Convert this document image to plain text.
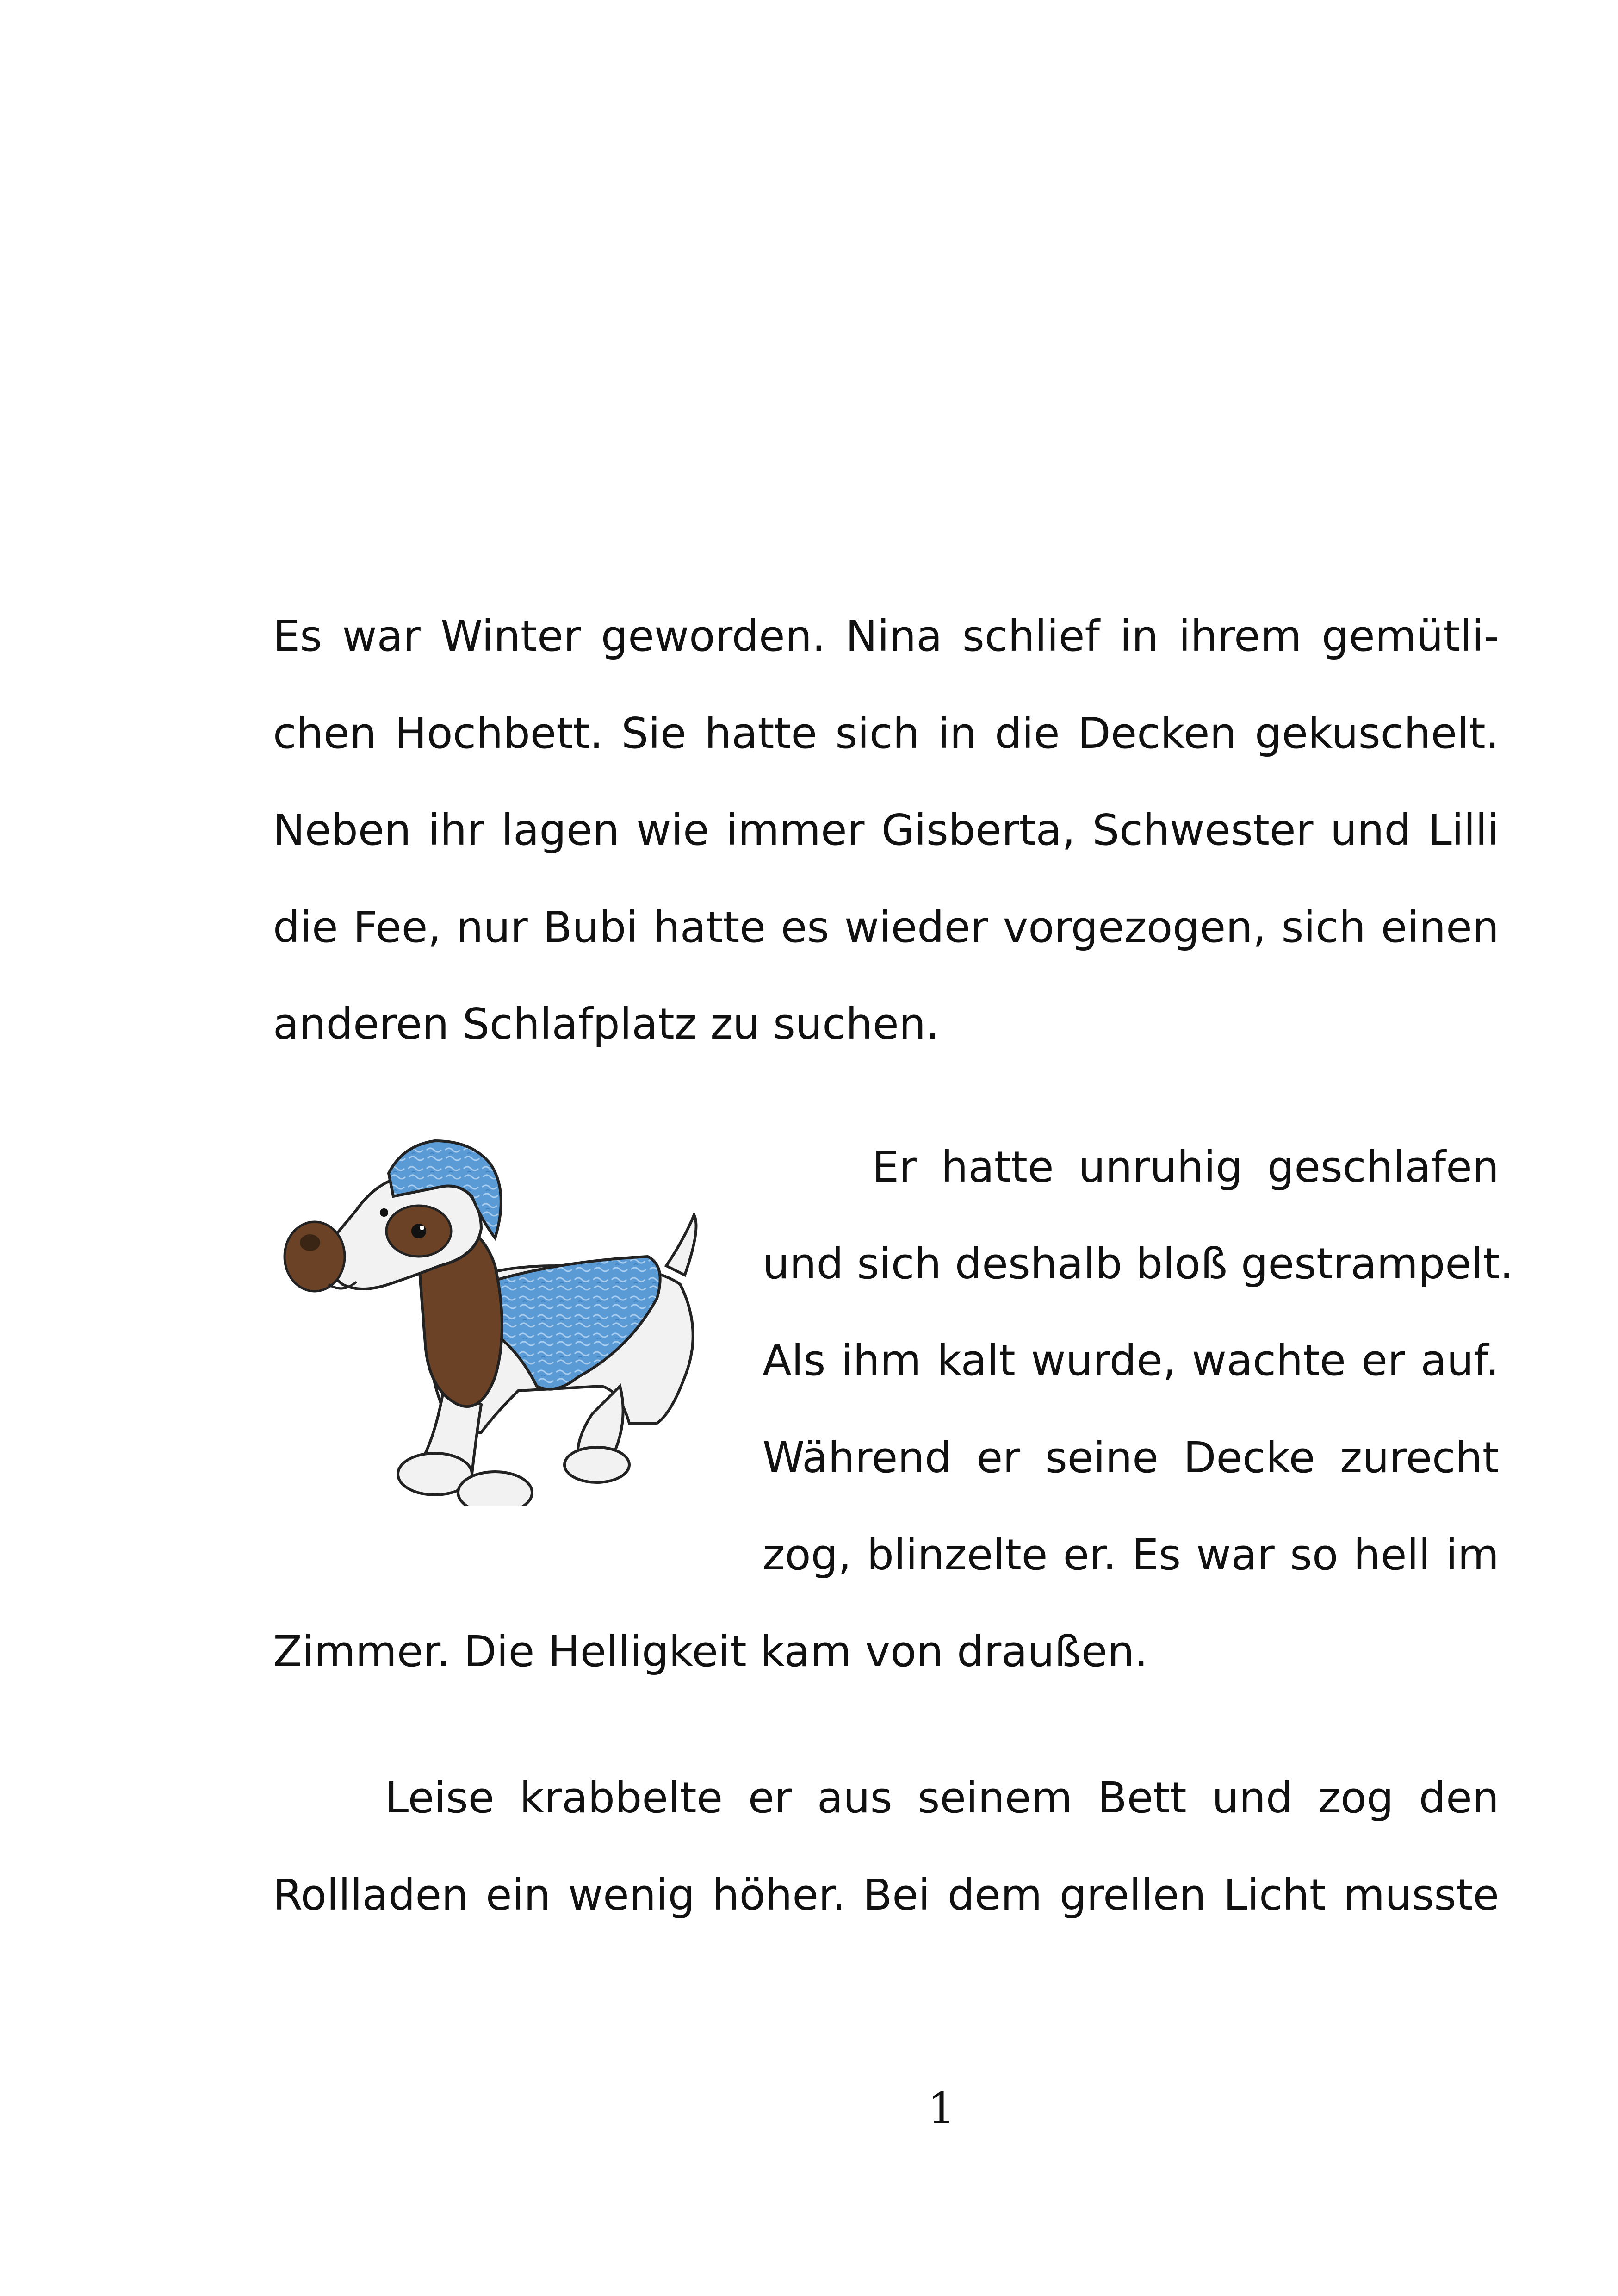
Es war Winter geworden. Nina schlief in ihrem gemütli-

chen Hochbett. Sie hatte sich in die Decken gekuschelt.

Neben ihr lagen wie immer Gisberta, Schwester und Lilli

die Fee, nur Bubi hatte es wieder vorgezogen, sich einen

anderen Schlafplatz zu suchen.

Er hatte unruhig geschlafen

und sich deshalb bloß gestrampelt.

Als ihm kalt wurde, wachte er auf.

Während er seine Decke zurecht

zog, blinzelte er. Es war so hell im

Zimmer. Die Helligkeit kam von draußen.

Leise krabbelte er aus seinem Bett und zog den

Rollladen ein wenig höher. Bei dem grellen Licht musste

1
